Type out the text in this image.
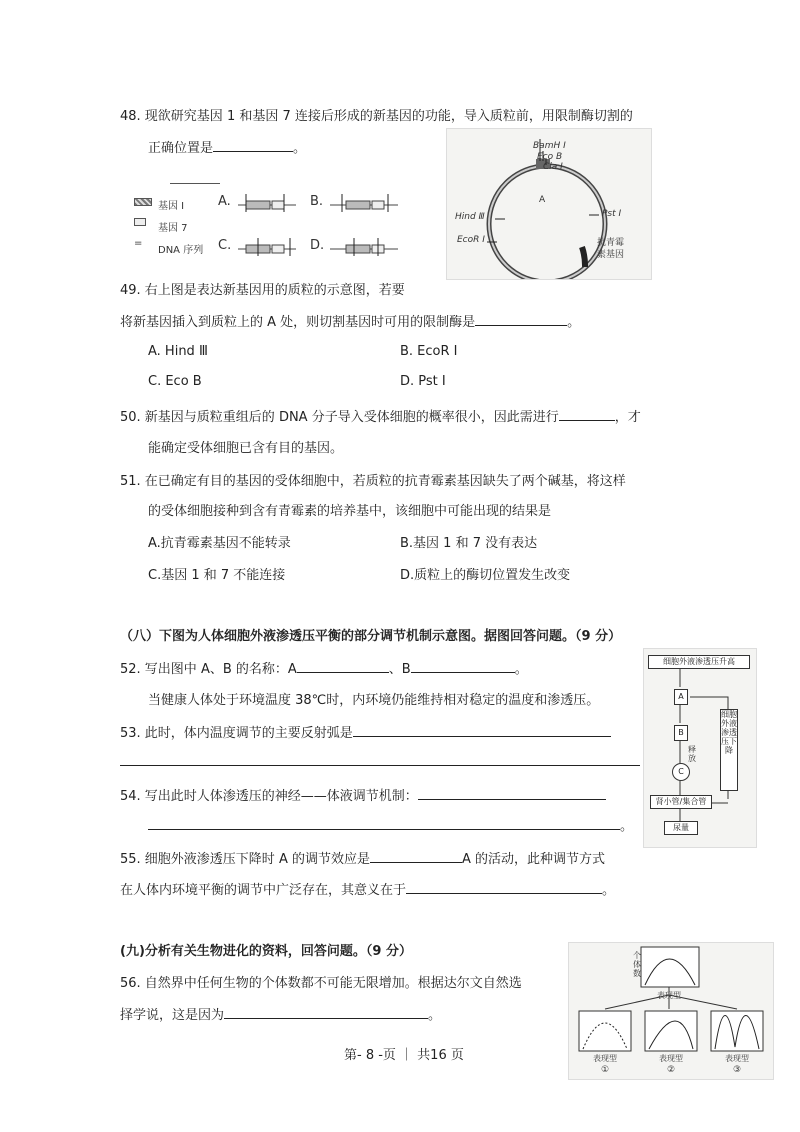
48. 现欲研究基因 1 和基因 7 连接后形成的新基因的功能，导入质粒前，用限制酶切割的
正确位置是	。
基因 I
基因 7
=
DNA 序列
A.	B.
C.	D.
BamH I
Eco B
Cla I
A
Hind Ⅲ
EcoR I
Pst I
抗青霉
素基因
49. 右上图是表达新基因用的质粒的示意图，若要
将新基因插入到质粒上的 A 处，则切割基因时可用的限制酶是	。
A. Hind Ⅲ	B. EcoR I
C. Eco B	D. Pst I
50. 新基因与质粒重组后的 DNA 分子导入受体细胞的概率很小，因此需进行	，才
能确定受体细胞已含有目的基因。
51. 在已确定有目的基因的受体细胞中，若质粒的抗青霉素基因缺失了两个碱基，将这样
的受体细胞接种到含有青霉素的培养基中，该细胞中可能出现的结果是
A.抗青霉素基因不能转录	B.基因 1 和 7 没有表达
C.基因 1 和 7 不能连接	D.质粒上的酶切位置发生改变
（八）下图为人体细胞外液渗透压平衡的部分调节机制示意图。据图回答问题。（9 分）
52. 写出图中 A、B 的名称：A	、B	。
当健康人体处于环境温度 38℃时，内环境仍能维持相对稳定的温度和渗透压。
53. 此时，体内温度调节的主要反射弧是
54. 写出此时人体渗透压的神经——体液调节机制：
。
55. 细胞外液渗透压下降时 A 的调节效应是	A 的活动，此种调节方式
在人体内环境平衡的调节中广泛存在，其意义在于	。
细胞外液渗透压升高
A
B
释放
C
细胞外液渗透压下降
肾小管/集合管
尿量
(九)分析有关生物进化的资料，回答问题。（9 分）
56. 自然界中任何生物的个体数都不可能无限增加。根据达尔文自然选
择学说，这是因为	。
个体数
表现型
表现型	表现型	表现型
①	②	③
第- 8 -页 ｜ 共16 页
